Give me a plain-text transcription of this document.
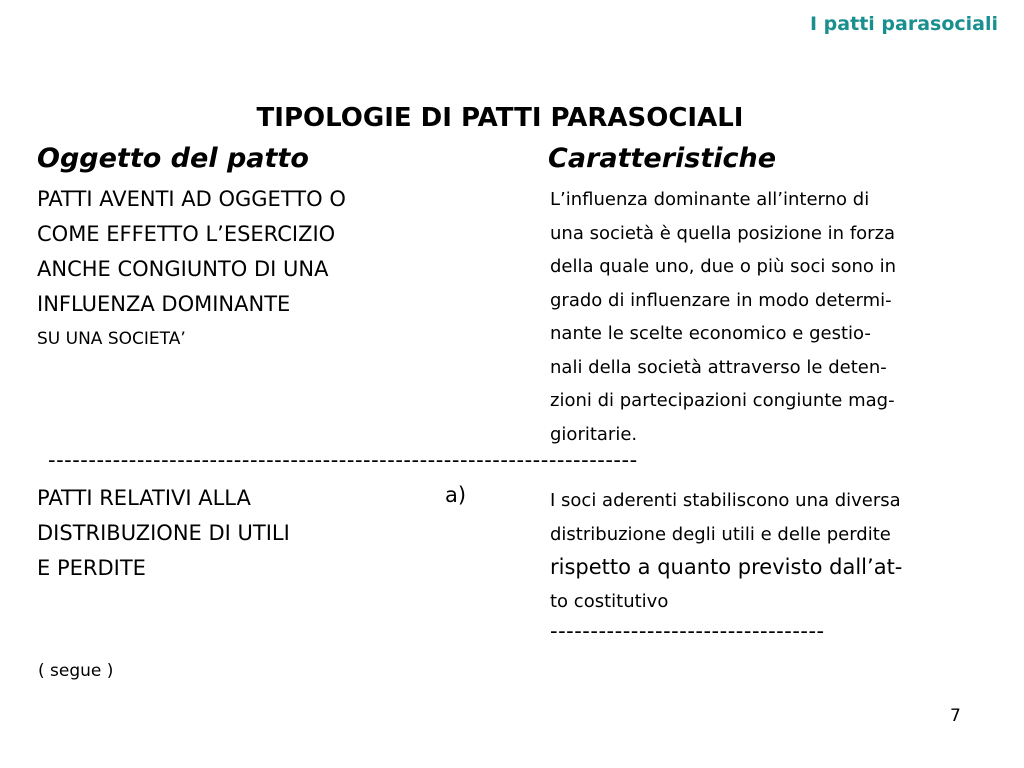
I patti parasociali
TIPOLOGIE DI PATTI PARASOCIALI
Oggetto del patto	Caratteristiche
PATTI AVENTI AD OGGETTO O
COME EFFETTO L’ESERCIZIO
ANCHE CONGIUNTO DI UNA
INFLUENZA DOMINANTE
SU UNA SOCIETA’
L’influenza dominante all’interno di
una società è quella posizione in forza
della quale uno, due o più soci sono in
grado di influenzare in modo determi-
nante le scelte economico e gestio-
nali della società attraverso le deten-
zioni di partecipazioni congiunte mag-
gioritarie.
-------------------------------------------------------------------------
PATTI RELATIVI ALLA
DISTRIBUZIONE DI UTILI
E PERDITE
a)	I soci aderenti stabiliscono una diversa
distribuzione degli utili e delle perdite
rispetto a quanto previsto dall’at-
to costitutivo
----------------------------------
( segue )
7
